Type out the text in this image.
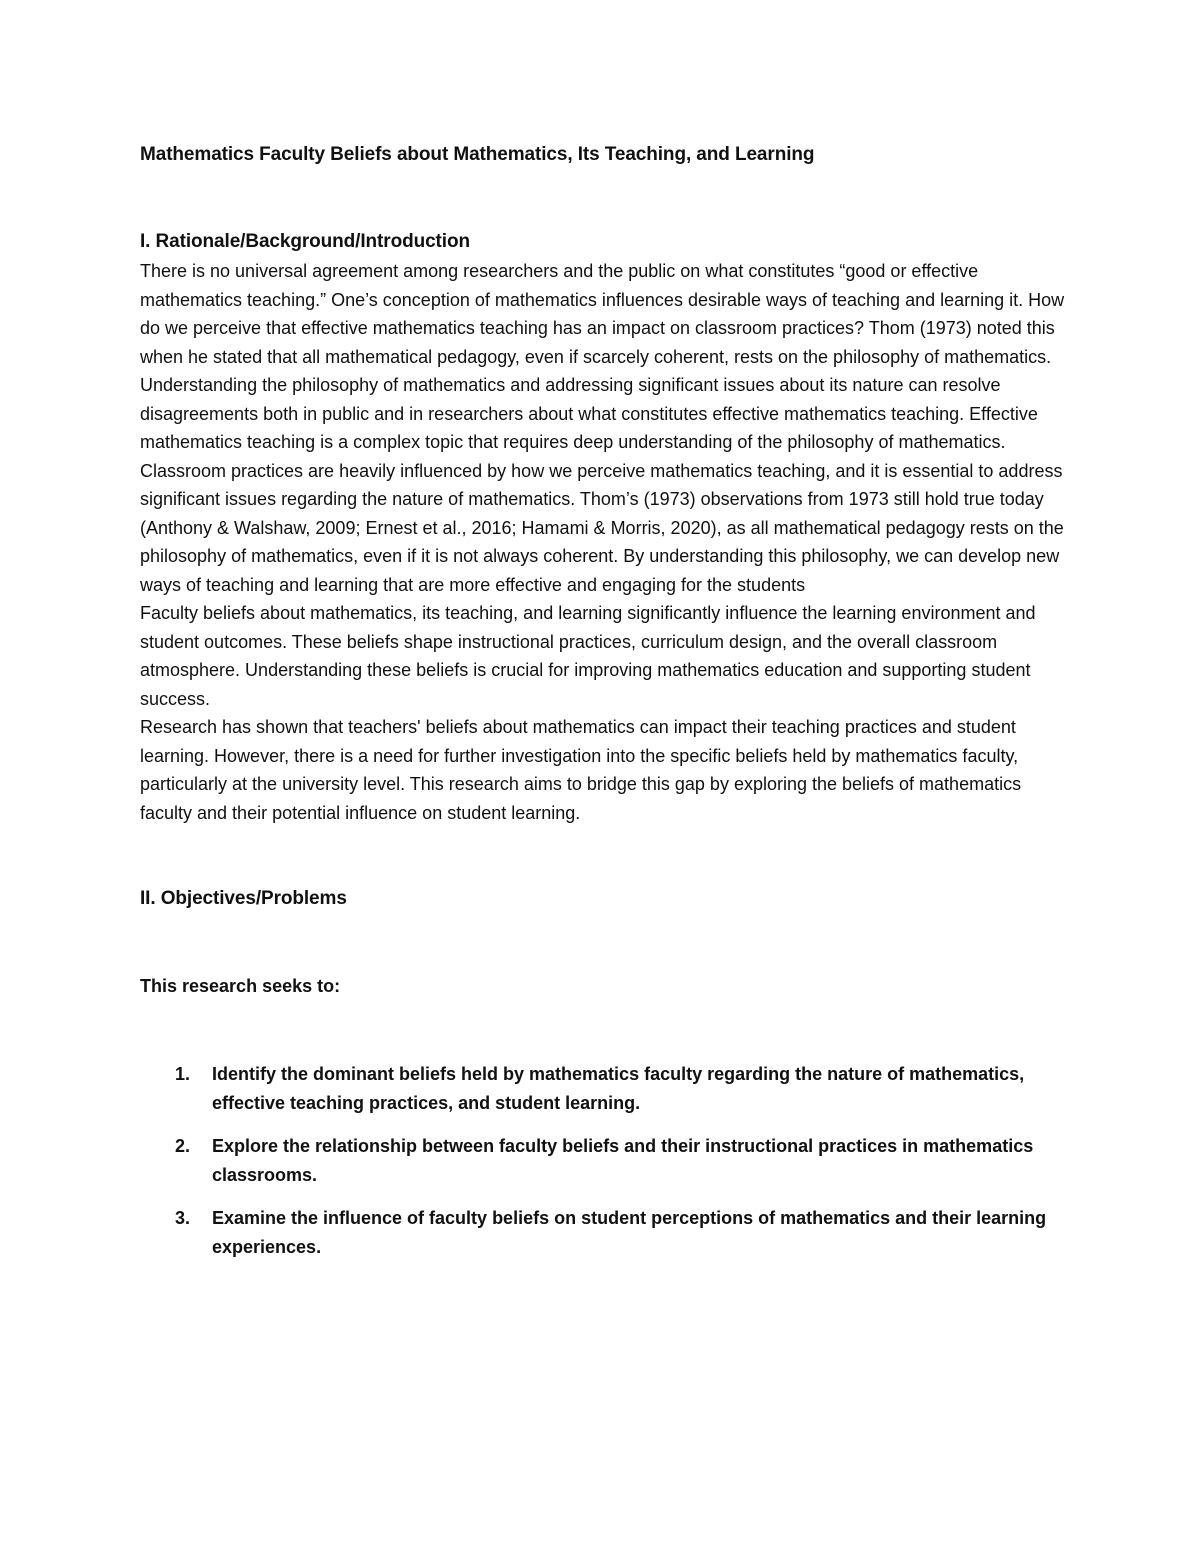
Mathematics Faculty Beliefs about Mathematics, Its Teaching, and Learning
I. Rationale/Background/Introduction

There is no universal agreement among researchers and the public on what constitutes “good or effective mathematics teaching.” One’s conception of mathematics influences desirable ways of teaching and learning it. How do we perceive that effective mathematics teaching has an impact on classroom practices? Thom (1973) noted this when he stated that all mathematical pedagogy, even if scarcely coherent, rests on the philosophy of mathematics. Understanding the philosophy of mathematics and addressing significant issues about its nature can resolve disagreements both in public and in researchers about what constitutes effective mathematics teaching. Effective mathematics teaching is a complex topic that requires deep understanding of the philosophy of mathematics. Classroom practices are heavily influenced by how we perceive mathematics teaching, and it is essential to address significant issues regarding the nature of mathematics. Thom’s (1973) observations from 1973 still hold true today (Anthony & Walshaw, 2009; Ernest et al., 2016; Hamami & Morris, 2020), as all mathematical pedagogy rests on the philosophy of mathematics, even if it is not always coherent. By understanding this philosophy, we can develop new ways of teaching and learning that are more effective and engaging for the students

Faculty beliefs about mathematics, its teaching, and learning significantly influence the learning environment and student outcomes. These beliefs shape instructional practices, curriculum design, and the overall classroom atmosphere. Understanding these beliefs is crucial for improving mathematics education and supporting student success.

Research has shown that teachers' beliefs about mathematics can impact their teaching practices and student learning. However, there is a need for further investigation into the specific beliefs held by mathematics faculty, particularly at the university level. This research aims to bridge this gap by exploring the beliefs of mathematics faculty and their potential influence on student learning.

II. Objectives/Problems

This research seeks to:

1. Identify the dominant beliefs held by mathematics faculty regarding the nature of mathematics, effective teaching practices, and student learning.
2. Explore the relationship between faculty beliefs and their instructional practices in mathematics classrooms.
3. Examine the influence of faculty beliefs on student perceptions of mathematics and their learning experiences.
